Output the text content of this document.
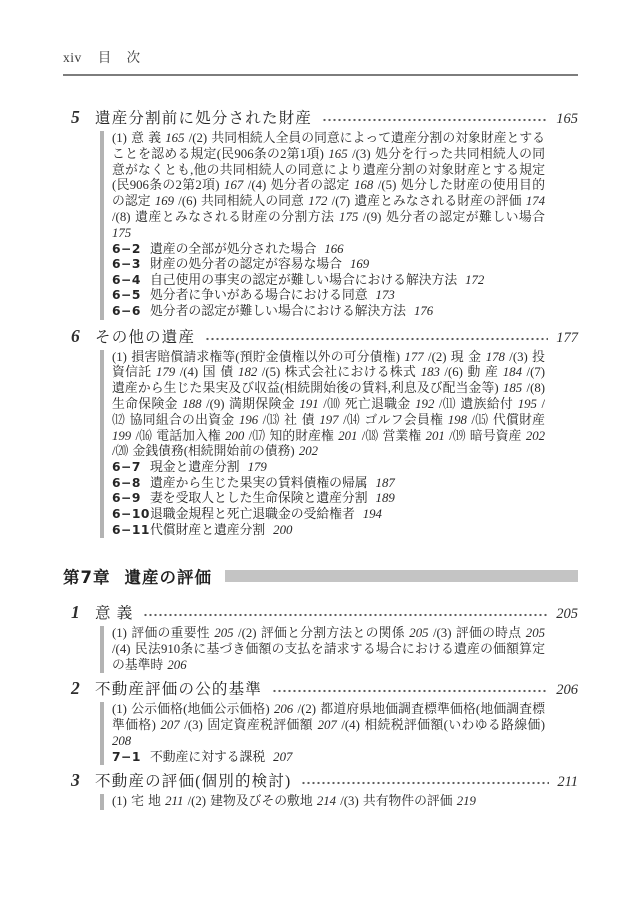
xiv 目 次
5 遺産分割前に処分された財産	165

(1) 意 義 165 /(2) 共同相続人全員の同意によって遺産分割の対象財産とすることを認める規定(民906条の2第1項) 165 /(3) 処分を行った共同相続人の同意がなくとも,他の共同相続人の同意により遺産分割の対象財産とする規定(民906条の2第2項) 167 /(4) 処分者の認定 168 /(5) 処分した財産の使用目的の認定 169 /(6) 共同相続人の同意 172 /(7) 遺産とみなされる財産の評価 174 /(8) 遺産とみなされる財産の分割方法 175 /(9) 処分者の認定が難しい場合 175

6−2 遺産の全部が処分された場合 166
6−3 財産の処分者の認定が容易な場合 169
6−4 自己使用の事実の認定が難しい場合における解決方法 172
6−5 処分者に争いがある場合における同意 173
6−6 処分者の認定が難しい場合における解決方法 176
6 その他の遺産	177

(1) 損害賠償請求権等(預貯金債権以外の可分債権) 177 /(2) 現 金 178 /(3) 投資信託 179 /(4) 国 債 182 /(5) 株式会社における株式 183 /(6) 動 産 184 /(7) 遺産から生じた果実及び収益(相続開始後の賃料,利息及び配当金等) 185 /(8) 生命保険金 188 /(9) 満期保険金 191 /⑽ 死亡退職金 192 /⑾ 遺族給付 195 /⑿ 協同組合の出資金 196 /⒀ 社 債 197 /⒁ ゴルフ会員権 198 /⒂ 代償財産 199 /⒃ 電話加入権 200 /⒄ 知的財産権 201 /⒅ 営業権 201 /⒆ 暗号資産 202 /⒇ 金銭債務(相続開始前の債務) 202

6−7 現金と遺産分割 179
6−8 遺産から生じた果実の賃料債権の帰属 187
6−9 妻を受取人とした生命保険と遺産分割 189
6−10退職金規程と死亡退職金の受給権者 194
6−11代償財産と遺産分割 200
第7章 遺産の評価
1 意 義	205

(1) 評価の重要性 205 /(2) 評価と分割方法との関係 205 /(3) 評価の時点 205 /(4) 民法910条に基づき価額の支払を請求する場合における遺産の価額算定の基準時 206

2 不動産評価の公的基準	206

(1) 公示価格(地価公示価格) 206 /(2) 都道府県地価調査標準価格(地価調査標準価格) 207 /(3) 固定資産税評価額 207 /(4) 相続税評価額(いわゆる路線価) 208

7−1 不動産に対する課税 207
3 不動産の評価(個別的検討)	211

(1) 宅 地 211 /(2) 建物及びその敷地 214 /(3) 共有物件の評価 219
